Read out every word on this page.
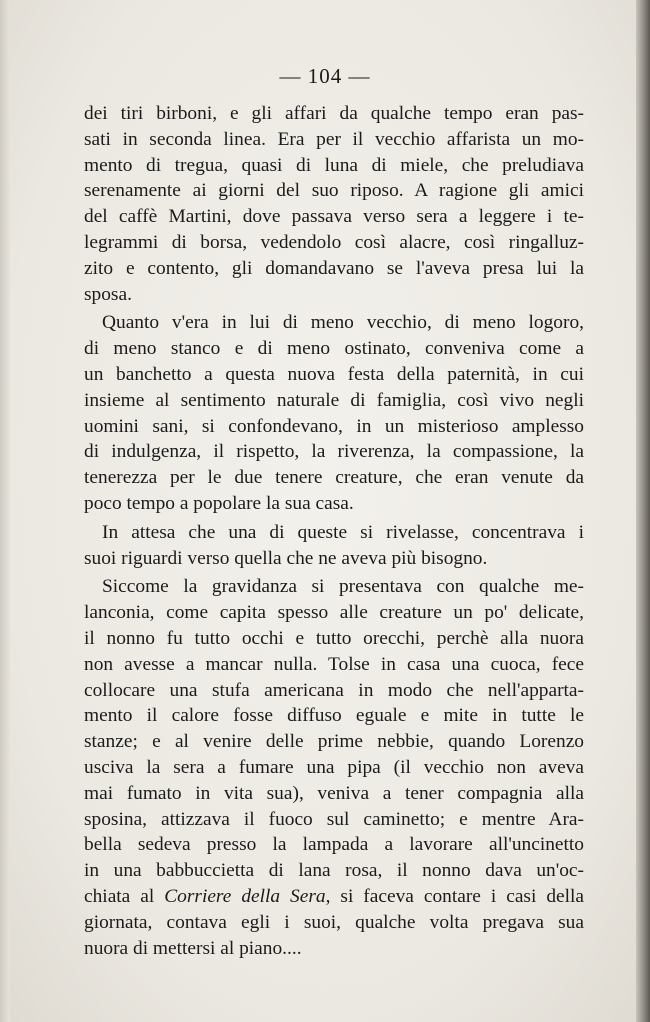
— 104 —
dei tiri birboni, e gli affari da qualche tempo eran pas-
sati in seconda linea. Era per il vecchio affarista un mo-
mento di tregua, quasi di luna di miele, che preludiava
serenamente ai giorni del suo riposo. A ragione gli amici
del caffè Martini, dove passava verso sera a leggere i te-
legrammi di borsa, vedendolo così alacre, così ringalluz-
zito e contento, gli domandavano se l'aveva presa lui la
sposa.
Quanto v'era in lui di meno vecchio, di meno logoro,
di meno stanco e di meno ostinato, conveniva come a
un banchetto a questa nuova festa della paternità, in cui
insieme al sentimento naturale di famiglia, così vivo negli
uomini sani, si confondevano, in un misterioso amplesso
di indulgenza, il rispetto, la riverenza, la compassione, la
tenerezza per le due tenere creature, che eran venute da
poco tempo a popolare la sua casa.
In attesa che una di queste si rivelasse, concentrava i
suoi riguardi verso quella che ne aveva più bisogno.
Siccome la gravidanza si presentava con qualche me-
lanconia, come capita spesso alle creature un po' delicate,
il nonno fu tutto occhi e tutto orecchi, perchè alla nuora
non avesse a mancar nulla. Tolse in casa una cuoca, fece
collocare una stufa americana in modo che nell'apparta-
mento il calore fosse diffuso eguale e mite in tutte le
stanze; e al venire delle prime nebbie, quando Lorenzo
usciva la sera a fumare una pipa (il vecchio non aveva
mai fumato in vita sua), veniva a tener compagnia alla
sposina, attizzava il fuoco sul caminetto; e mentre Ara-
bella sedeva presso la lampada a lavorare all'uncinetto
in una babbuccietta di lana rosa, il nonno dava un'oc-
chiata al Corriere della Sera, si faceva contare i casi della
giornata, contava egli i suoi, qualche volta pregava sua
nuora di mettersi al piano....
